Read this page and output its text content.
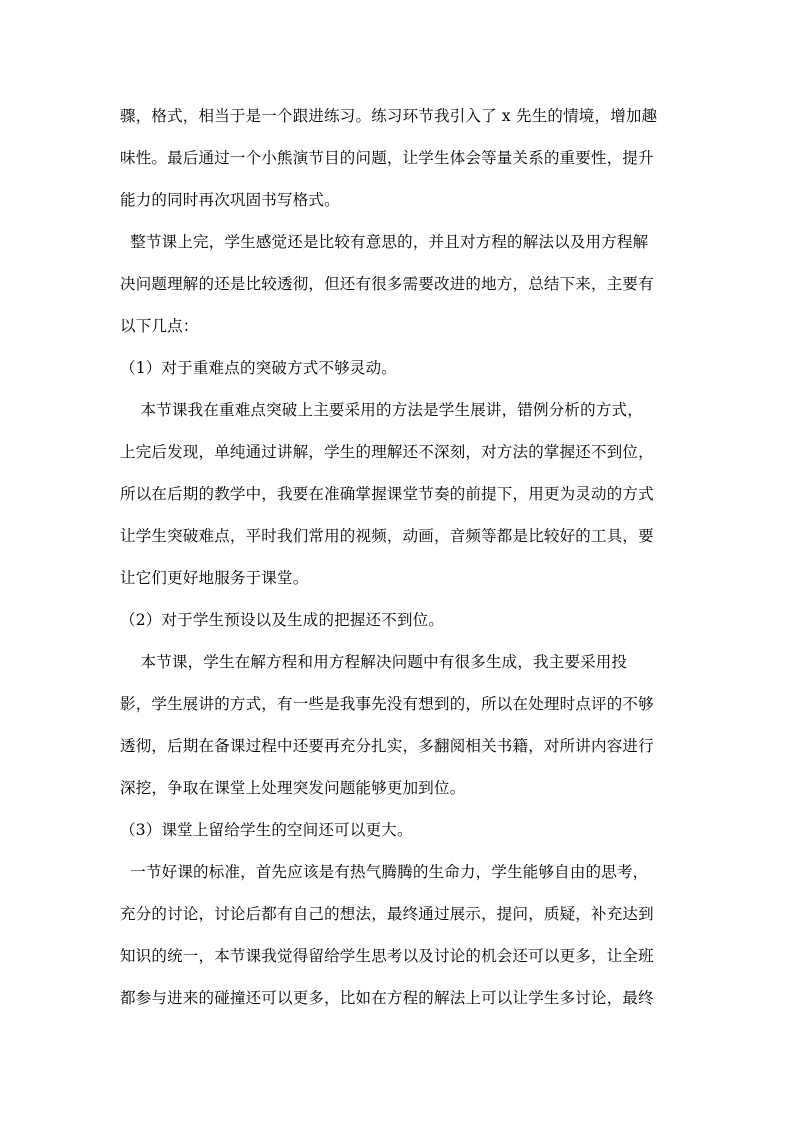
骤，格式，相当于是一个跟进练习。练习环节我引入了 x 先生的情境，增加趣
味性。最后通过一个小熊演节目的问题，让学生体会等量关系的重要性，提升
能力的同时再次巩固书写格式。
整节课上完，学生感觉还是比较有意思的，并且对方程的解法以及用方程解
决问题理解的还是比较透彻，但还有很多需要改进的地方，总结下来，主要有
以下几点：
（1）对于重难点的突破方式不够灵动。
本节课我在重难点突破上主要采用的方法是学生展讲，错例分析的方式，
上完后发现，单纯通过讲解，学生的理解还不深刻，对方法的掌握还不到位，
所以在后期的教学中，我要在准确掌握课堂节奏的前提下，用更为灵动的方式
让学生突破难点，平时我们常用的视频，动画，音频等都是比较好的工具，要
让它们更好地服务于课堂。
（2）对于学生预设以及生成的把握还不到位。
本节课，学生在解方程和用方程解决问题中有很多生成，我主要采用投
影，学生展讲的方式，有一些是我事先没有想到的，所以在处理时点评的不够
透彻，后期在备课过程中还要再充分扎实，多翻阅相关书籍，对所讲内容进行
深挖，争取在课堂上处理突发问题能够更加到位。
（3）课堂上留给学生的空间还可以更大。
一节好课的标准，首先应该是有热气腾腾的生命力，学生能够自由的思考，
充分的讨论，讨论后都有自己的想法，最终通过展示，提问，质疑，补充达到
知识的统一，本节课我觉得留给学生思考以及讨论的机会还可以更多，让全班
都参与进来的碰撞还可以更多，比如在方程的解法上可以让学生多讨论，最终
